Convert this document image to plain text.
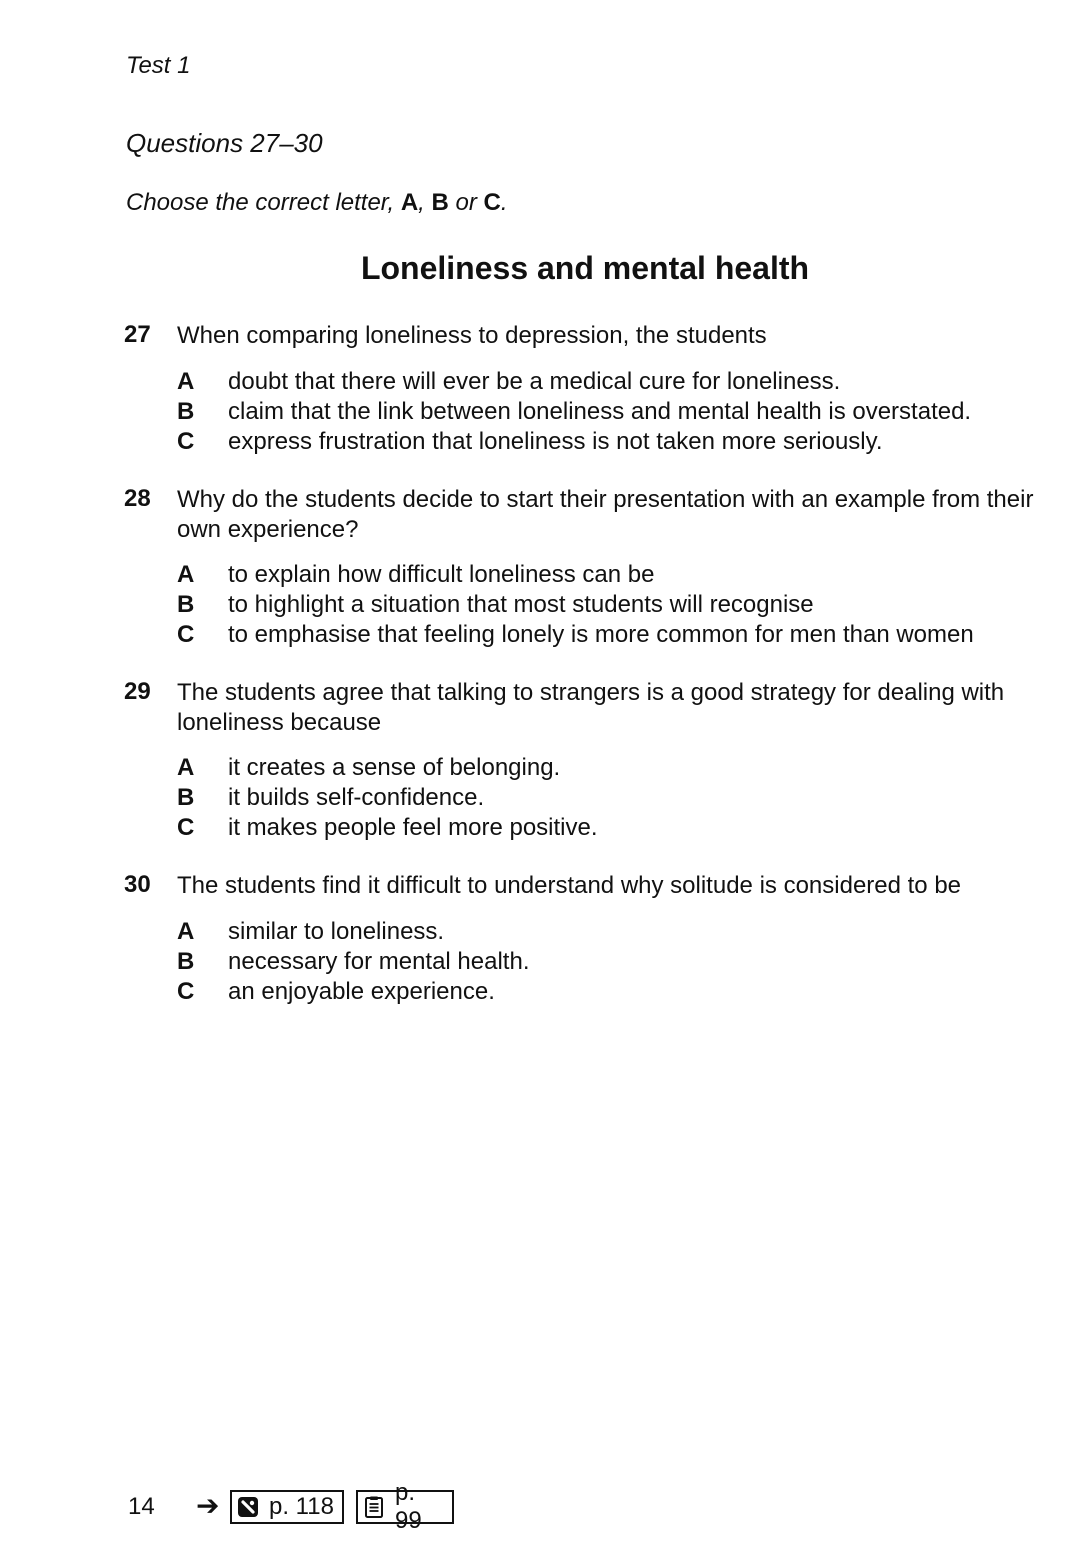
Test 1
Questions 27–30
Choose the correct letter, A, B or C.
Loneliness and mental health
27	When comparing loneliness to depression, the students
A	doubt that there will ever be a medical cure for loneliness.
B	claim that the link between loneliness and mental health is overstated.
C	express frustration that loneliness is not taken more seriously.
28	Why do the students decide to start their presentation with an example from their own experience?
A	to explain how difficult loneliness can be
B	to highlight a situation that most students will recognise
C	to emphasise that feeling lonely is more common for men than women
29	The students agree that talking to strangers is a good strategy for dealing with loneliness because
A	it creates a sense of belonging.
B	it builds self-confidence.
C	it makes people feel more positive.
30	The students find it difficult to understand why solitude is considered to be
A	similar to loneliness.
B	necessary for mental health.
C	an enjoyable experience.
14 ➔ p. 118
p. 99
